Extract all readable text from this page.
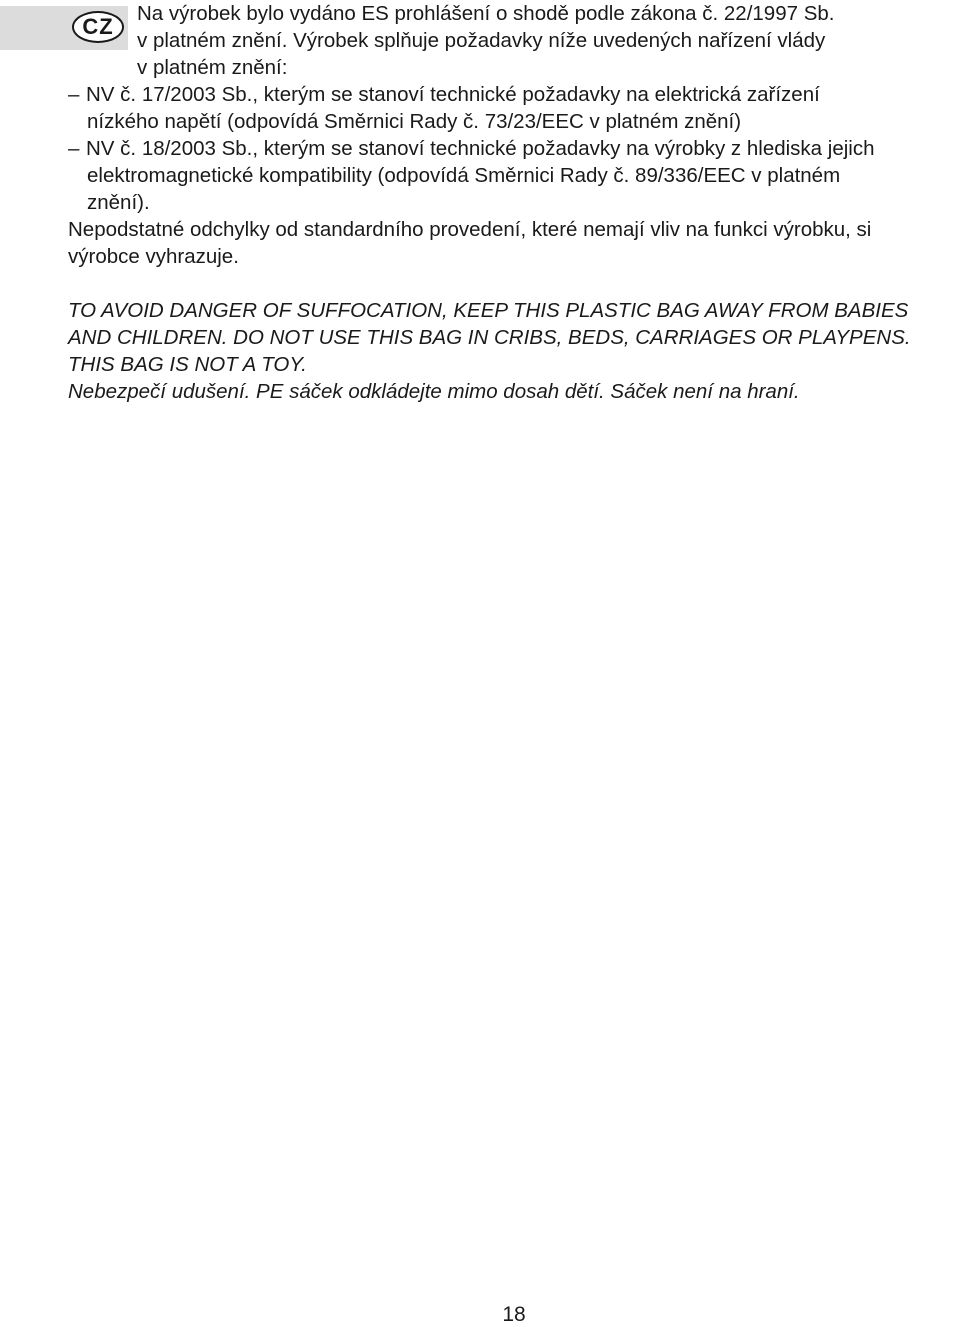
CZ
Na výrobek bylo vydáno ES prohlášení o shodě podle zákona č. 22/1997 Sb.
v platném znění. Výrobek splňuje požadavky níže uvedených nařízení vlády
v platném znění:
– NV č. 17/2003 Sb., kterým se stanoví technické požadavky na elektrická zařízení
nízkého napětí (odpovídá Směrnici Rady č. 73/23/EEC v platném znění)
– NV č. 18/2003 Sb., kterým se stanoví technické požadavky na výrobky z hlediska jejich
elektromagnetické kompatibility (odpovídá Směrnici Rady č. 89/336/EEC v platném
znění).
Nepodstatné odchylky od standardního provedení, které nemají vliv na funkci výrobku, si
výrobce vyhrazuje.
TO AVOID DANGER OF SUFFOCATION, KEEP THIS PLASTIC BAG AWAY FROM BABIES
AND CHILDREN. DO NOT USE THIS BAG IN CRIBS, BEDS, CARRIAGES OR PLAYPENS.
THIS BAG IS NOT A TOY.
Nebezpečí udušení. PE sáček odkládejte mimo dosah dětí. Sáček není na hraní.
18
